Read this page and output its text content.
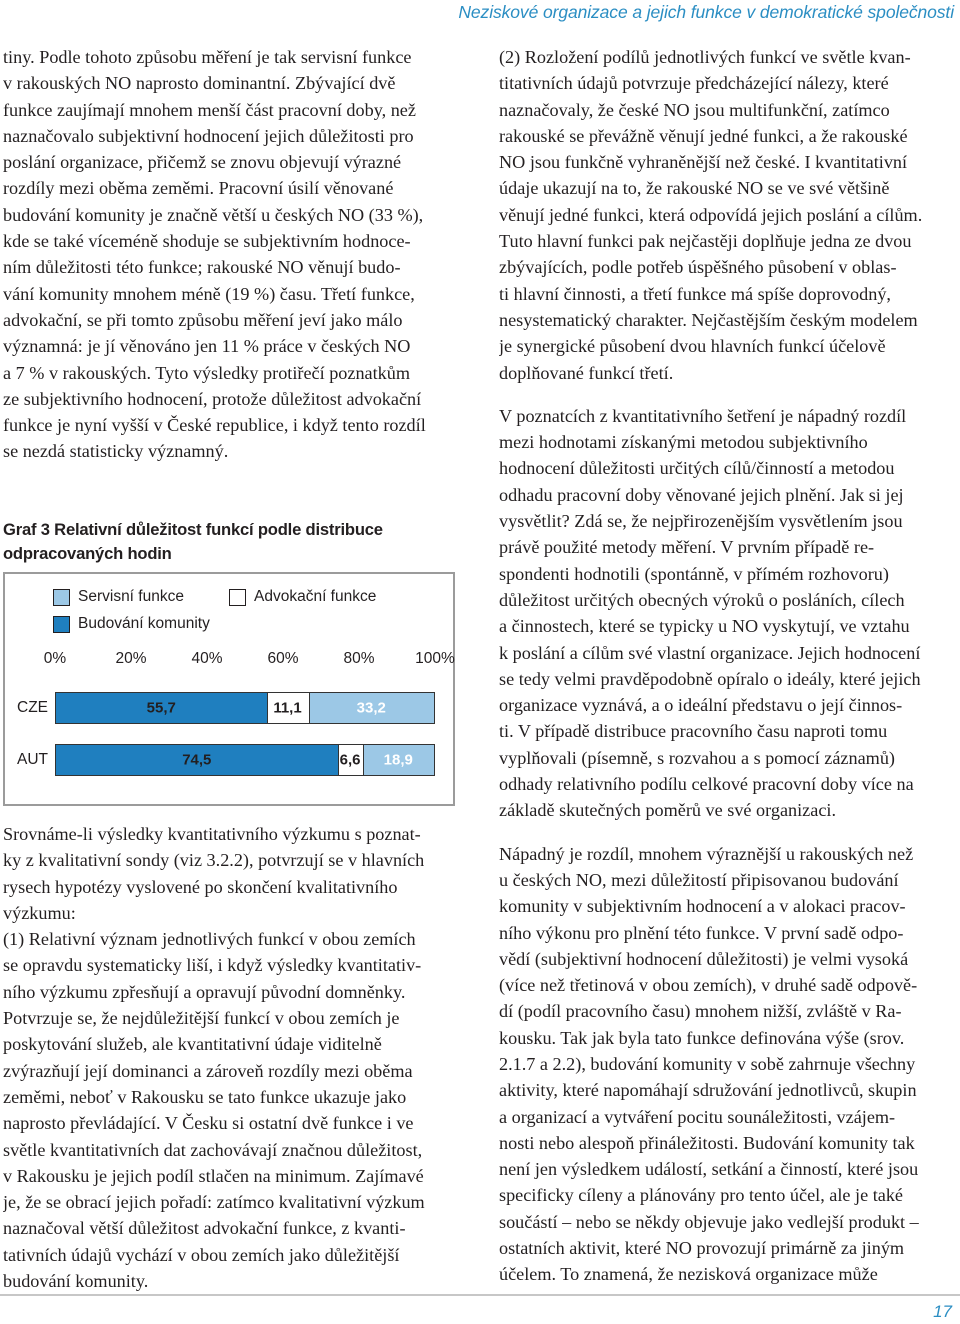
Neziskové organizace a jejich funkce v demokratické společnosti
tiny. Podle tohoto způsobu měření je tak servisní funkce
v rakouských NO naprosto dominantní. Zbývající dvě
funkce zaujímají mnohem menší část pracovní doby, než
naznačovalo subjektivní hodnocení jejich důležitosti pro
poslání organizace, přičemž se znovu objevují výrazné
rozdíly mezi oběma zeměmi. Pracovní úsilí věnované
budování komunity je značně větší u českých NO (33 %),
kde se také víceméně shoduje se subjektivním hodnoce-
ním důležitosti této funkce; rakouské NO věnují budo-
vání komunity mnohem méně (19 %) času. Třetí funkce,
advokační, se při tomto způsobu měření jeví jako málo
významná: je jí věnováno jen 11 % práce v českých NO
a 7 % v rakouských. Tyto výsledky protiřečí poznatkům
ze subjektivního hodnocení, protože důležitost advokační
funkce je nyní vyšší v České republice, i když tento rozdíl
se nezdá statisticky významný.
Graf 3 Relativní důležitost funkcí podle distribuce
odpracovaných hodin
Servisní funkce	Advokační funkce
Budování komunity
0%	20%	40%	60%	80%	100%
CZE	55,7	11,1	33,2
AUT	74,5	6,6 18,9
Srovnáme-li výsledky kvantitativního výzkumu s poznat-
ky z kvalitativní sondy (viz 3.2.2), potvrzují se v hlavních
rysech hypotézy vyslovené po skončení kvalitativního
výzkumu:
(1) Relativní význam jednotlivých funkcí v obou zemích
se opravdu systematicky liší, i když výsledky kvantitativ-
ního výzkumu zpřesňují a opravují původní domněnky.
Potvrzuje se, že nejdůležitější funkcí v obou zemích je
poskytování služeb, ale kvantitativní údaje viditelně
zvýrazňují její dominanci a zároveň rozdíly mezi oběma
zeměmi, neboť v Rakousku se tato funkce ukazuje jako
naprosto převládající. V Česku si ostatní dvě funkce i ve
světle kvantitativních dat zachovávají značnou důležitost,
v Rakousku je jejich podíl stlačen na minimum. Zajímavé
je, že se obrací jejich pořadí: zatímco kvalitativní výzkum
naznačoval větší důležitost advokační funkce, z kvanti-
tativních údajů vychází v obou zemích jako důležitější
budování komunity.
(2) Rozložení podílů jednotlivých funkcí ve světle kvan-
titativních údajů potvrzuje předcházející nálezy, které
naznačovaly, že české NO jsou multifunkční, zatímco
rakouské se převážně věnují jedné funkci, a že rakouské
NO jsou funkčně vyhraněnější než české. I kvantitativní
údaje ukazují na to, že rakouské NO se ve své většině
věnují jedné funkci, která odpovídá jejich poslání a cílům.
Tuto hlavní funkci pak nejčastěji doplňuje jedna ze dvou
zbývajících, podle potřeb úspěšného působení v oblas-
ti hlavní činnosti, a třetí funkce má spíše doprovodný,
nesystematický charakter. Nejčastějším českým modelem
je synergické působení dvou hlavních funkcí účelově
doplňované funkcí třetí.
V poznatcích z kvantitativního šetření je nápadný rozdíl
mezi hodnotami získanými metodou subjektivního
hodnocení důležitosti určitých cílů/činností a metodou
odhadu pracovní doby věnované jejich plnění. Jak si jej
vysvětlit? Zdá se, že nejpřirozenějším vysvětlením jsou
právě použité metody měření. V prvním případě re-
spondenti hodnotili (spontánně, v přímém rozhovoru)
důležitost určitých obecných výroků o posláních, cílech
a činnostech, které se typicky u NO vyskytují, ve vztahu
k poslání a cílům své vlastní organizace. Jejich hodnocení
se tedy velmi pravděpodobně opíralo o ideály, které jejich
organizace vyznává, a o ideální představu o její činnos-
ti. V případě distribuce pracovního času naproti tomu
vyplňovali (písemně, s rozvahou a s pomocí záznamů)
odhady relativního podílu celkové pracovní doby více na
základě skutečných poměrů ve své organizaci.
Nápadný je rozdíl, mnohem výraznější u rakouských než
u českých NO, mezi důležitostí připisovanou budování
komunity v subjektivním hodnocení a v alokaci pracov-
ního výkonu pro plnění této funkce. V první sadě odpo-
vědí (subjektivní hodnocení důležitosti) je velmi vysoká
(více než třetinová v obou zemích), v druhé sadě odpově-
dí (podíl pracovního času) mnohem nižší, zvláště v Ra-
kousku. Tak jak byla tato funkce definována výše (srov.
2.1.7 a 2.2), budování komunity v sobě zahrnuje všechny
aktivity, které napomáhají sdružování jednotlivců, skupin
a organizací a vytváření pocitu sounáležitosti, vzájem-
nosti nebo alespoň přináležitosti. Budování komunity tak
není jen výsledkem událostí, setkání a činností, které jsou
specificky cíleny a plánovány pro tento účel, ale je také
součástí – nebo se někdy objevuje jako vedlejší produkt –
ostatních aktivit, které NO provozují primárně za jiným
účelem. To znamená, že nezisková organizace může
17
